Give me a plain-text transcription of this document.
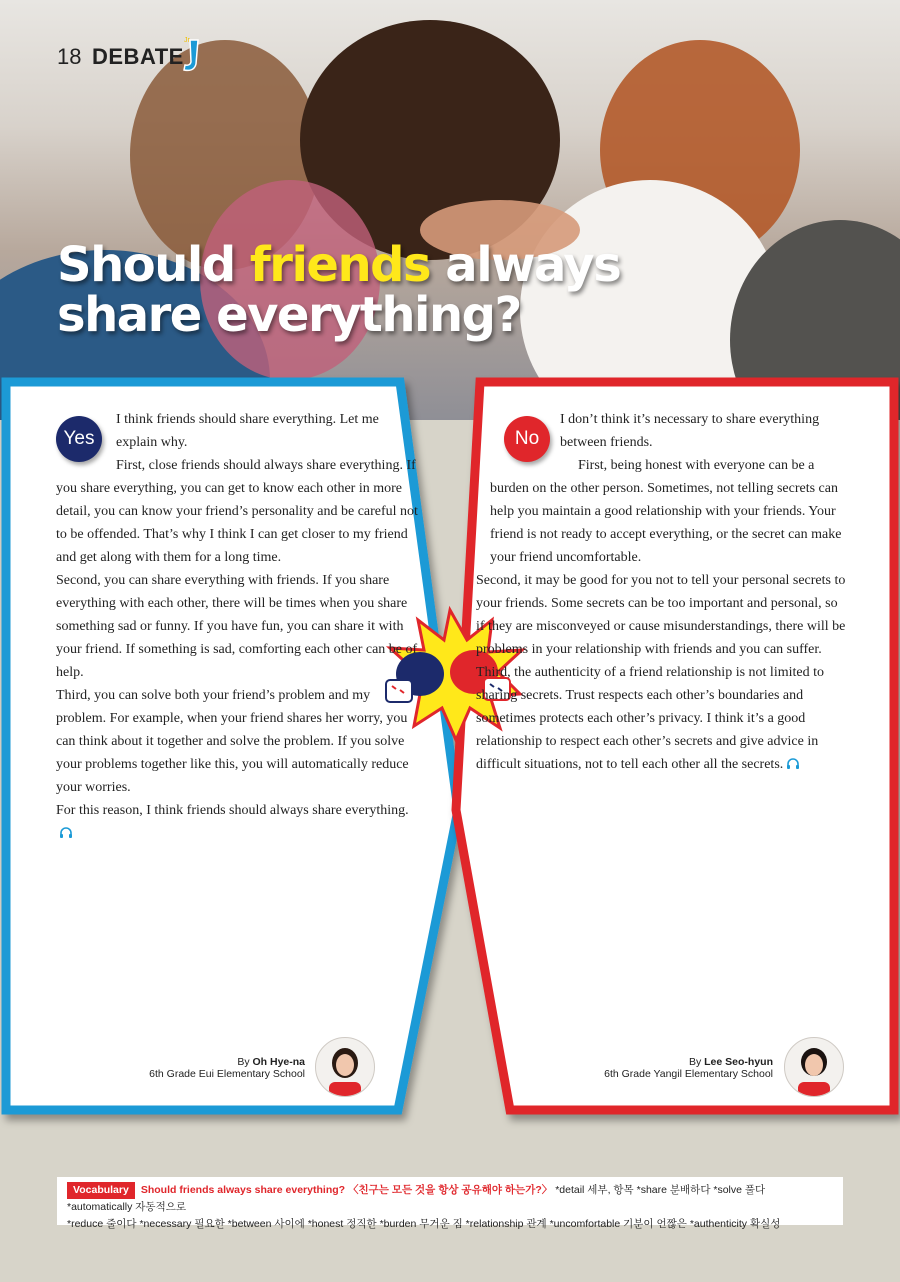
18 DEBATE
Jr
Should friends always
share everything?
Yes

I think friends should share everything. Let me explain why.

First, close friends should always share everything. If you share everything, you can get to know each other in more detail, you can know your friend’s personality and be careful not to be offended. That’s why I think I can get closer to my friend and get along with them for a long time.

Second, you can share everything with friends. If you share everything with each other, there will be times when you share something sad or funny. If you have fun, you can share it with your friend. If something is sad, comforting each other can be of help.

Third, you can solve both your friend’s problem and my problem. For example, when your friend shares her worry, you can think about it together and solve the problem. If you solve your problems together like this, you will automatically reduce your worries.

For this reason, I think friends should always share everything.

By Oh Hye-na
6th Grade Eui Elementary School
No

I don’t think it’s necessary to share everything between friends.

First, being honest with everyone can be a burden on the other person. Sometimes, not telling secrets can help you maintain a good relationship with your friends. Your friend is not ready to accept everything, or the secret can make your friend uncomfortable.

Second, it may be good for you not to tell your personal secrets to your friends. Some secrets can be too important and personal, so if they are misconveyed or cause misunderstandings, there will be problems in your relationship with friends and you can suffer.

Third, the authenticity of a friend relationship is not limited to sharing secrets. Trust respects each other’s boundaries and sometimes protects each other’s privacy. I think it’s a good relationship to respect each other’s secrets and give advice in difficult situations, not to tell each other all the secrets.

By Lee Seo-hyun
6th Grade Yangil Elementary School
Vocabulary Should friends always share everything? 〈친구는 모든 것을 항상 공유해야 하는가?〉 *detail 세부, 항목 *share 분배하다 *solve 풀다 *automatically 자동적으로
*reduce 줄이다 *necessary 필요한 *between 사이에 *honest 정직한 *burden 무거운 짐 *relationship 관계 *uncomfortable 기분이 언짢은 *authenticity 확실성
